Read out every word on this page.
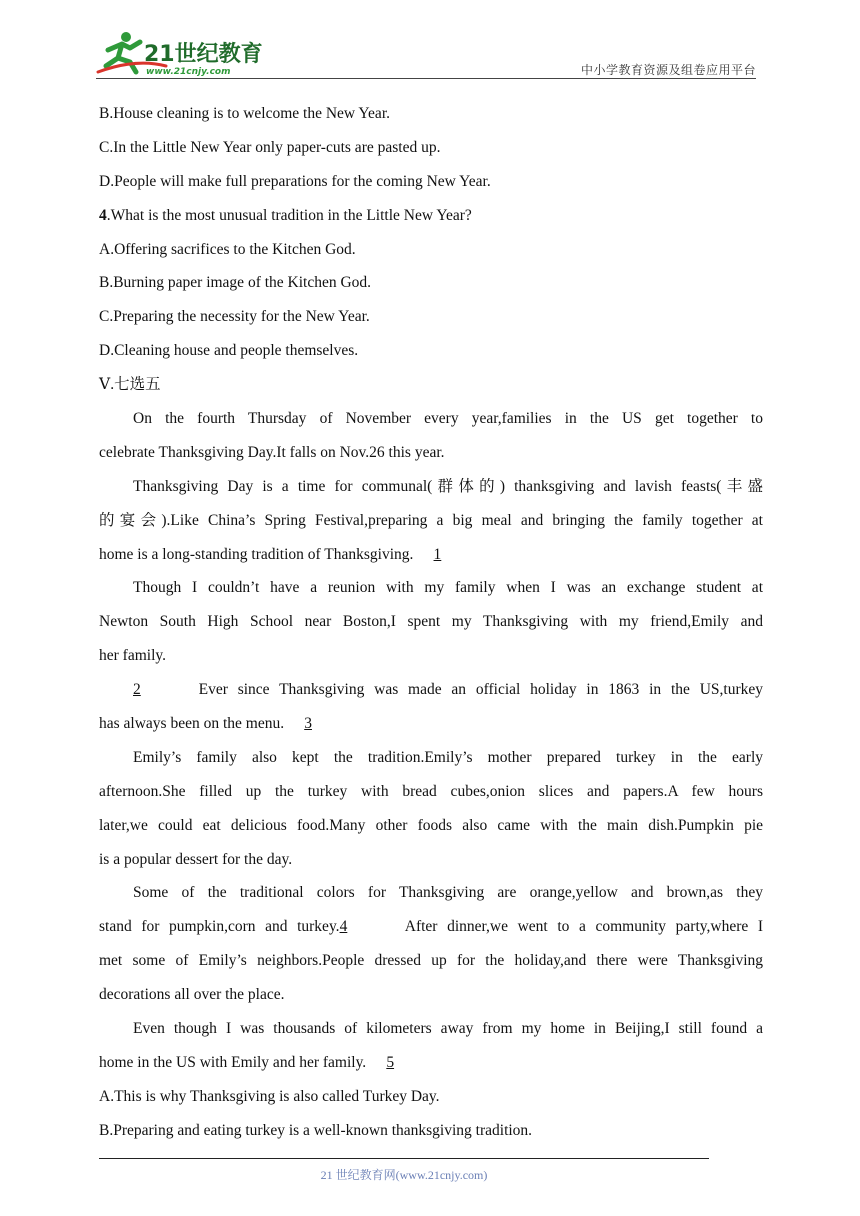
21世纪教育
www.21cnjy.com	中小学教育资源及组卷应用平台
B.House cleaning is to welcome the New Year.
C.In the Little New Year only paper-cuts are pasted up.
D.People will make full preparations for the coming New Year.
4.What is the most unusual tradition in the Little New Year?
A.Offering sacrifices to the Kitchen God.
B.Burning paper image of the Kitchen God.
C.Preparing the necessity for the New Year.
D.Cleaning house and people themselves.
Ⅴ.七选五
On the fourth Thursday of November every year,families in the US get together to
celebrate Thanksgiving Day.It falls on Nov.26 this year.
Thanksgiving Day is a time for communal(群体的) thanksgiving and lavish feasts(丰盛
的宴会).Like China’s Spring Festival,preparing a big meal and bringing the family together at
home is a long-standing tradition of Thanksgiving. 1
Though I couldn’t have a reunion with my family when I was an exchange student at
Newton South High School near Boston,I spent my Thanksgiving with my friend,Emily and
her family.
2	Ever since Thanksgiving was made an official holiday in 1863 in the US,turkey
has always been on the menu. 3
Emily’s family also kept the tradition.Emily’s mother prepared turkey in the early
afternoon.She filled up the turkey with bread cubes,onion slices and papers.A few hours
later,we could eat delicious food.Many other foods also came with the main dish.Pumpkin pie
is a popular dessert for the day.
Some of the traditional colors for Thanksgiving are orange,yellow and brown,as they
stand for pumpkin,corn and turkey.4	After dinner,we went to a community party,where I
met some of Emily’s neighbors.People dressed up for the holiday,and there were Thanksgiving
decorations all over the place.
Even though I was thousands of kilometers away from my home in Beijing,I still found a
home in the US with Emily and her family. 5
A.This is why Thanksgiving is also called Turkey Day.
B.Preparing and eating turkey is a well-known thanksgiving tradition.
21 世纪教育网(www.21cnjy.com)
